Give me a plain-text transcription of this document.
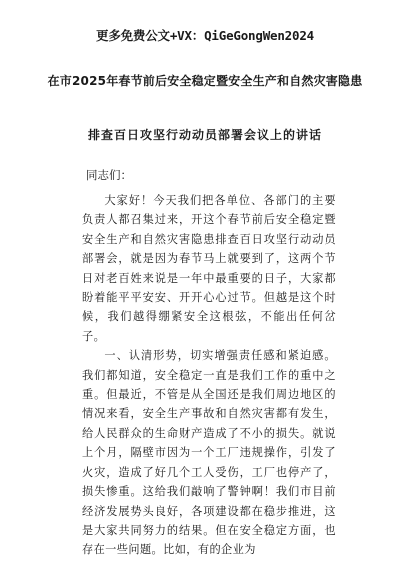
更多免费公文+VX：QiGeGongWen2024
在市2025年春节前后安全稳定暨安全生产和自然灾害隐患
排查百日攻坚行动动员部署会议上的讲话
同志们：

大家好！今天我们把各单位、各部门的主要负责人都召集过来，开这个春节前后安全稳定暨安全生产和自然灾害隐患排查百日攻坚行动动员部署会，就是因为春节马上就要到了，这两个节日对老百姓来说是一年中最重要的日子，大家都盼着能平平安安、开开心心过节。但越是这个时候，我们越得绷紧安全这根弦，不能出任何岔子。

一、认清形势，切实增强责任感和紧迫感。我们都知道，安全稳定一直是我们工作的重中之重。但最近，不管是从全国还是我们周边地区的情况来看，安全生产事故和自然灾害都有发生，给人民群众的生命财产造成了不小的损失。就说上个月，隔壁市因为一个工厂违规操作，引发了火灾，造成了好几个工人受伤，工厂也停产了，损失惨重。这给我们敲响了警钟啊！我们市目前经济发展势头良好，各项建设都在稳步推进，这是大家共同努力的结果。但在安全稳定方面，也存在一些问题。比如，有的企业为
